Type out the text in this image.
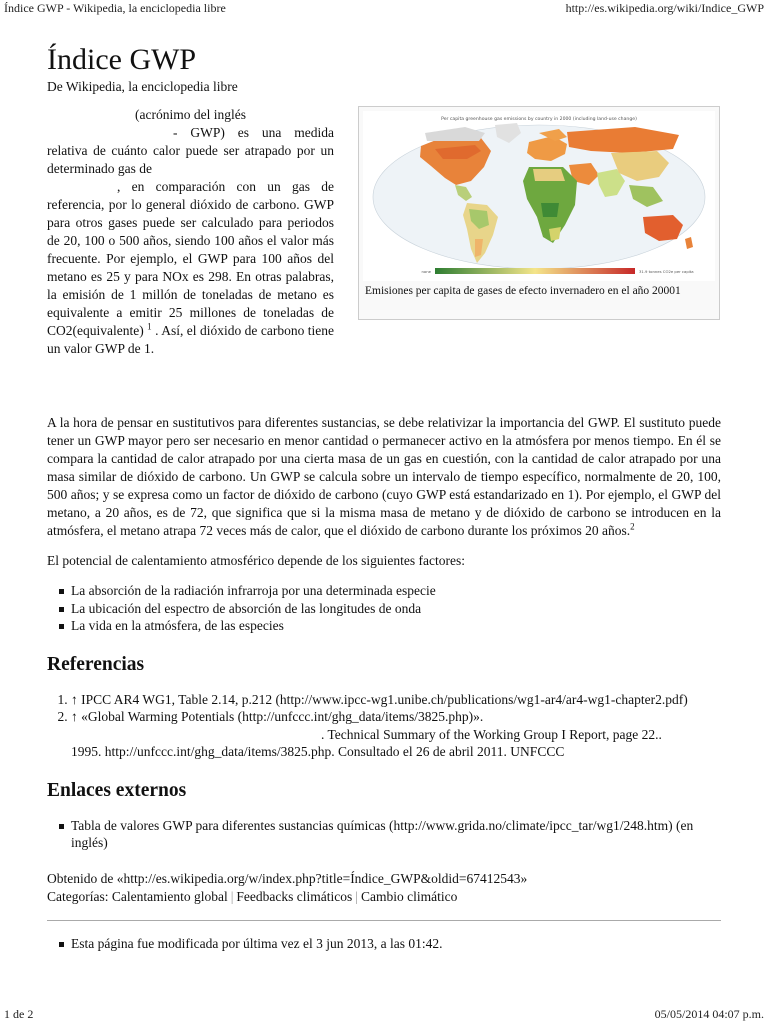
Índice GWP - Wikipedia, la enciclopedia libre	http://es.wikipedia.org/wiki/Indice_GWP
Índice GWP
De Wikipedia, la enciclopedia libre

(acrónimo del inglés
- GWP) es una medida relativa de cuánto calor puede ser atrapado por un determinado gas de
, en comparación con un gas de referencia, por lo general dióxido de carbono. GWP para otros gases puede ser calculado para periodos de 20, 100 o 500 años, siendo 100 años el valor más frecuente. Por ejemplo, el GWP para 100 años del metano es 25 y para NOx es 298. En otras palabras, la emisión de 1 millón de toneladas de metano es equivalente a emitir 25 millones de toneladas de CO2(equivalente) $^1$ . Así, el dióxido de carbono tiene un valor GWP de 1.

Per capita greenhouse gas emissions by country in 2000 (including land-use change)
none	31.9 tonnes CO2e per capita
Emisiones per capita de gases de efecto invernadero en el año 20001

A la hora de pensar en sustitutivos para diferentes sustancias, se debe relativizar la importancia del GWP. El sustituto puede tener un GWP mayor pero ser necesario en menor cantidad o permanecer activo en la atmósfera por menos tiempo. En él se compara la cantidad de calor atrapado por una cierta masa de un gas en cuestión, con la cantidad de calor atrapado por una masa similar de dióxido de carbono. Un GWP se calcula sobre un intervalo de tiempo específico, normalmente de 20, 100, 500 años; y se expresa como un factor de dióxido de carbono (cuyo GWP está estandarizado en 1). Por ejemplo, el GWP del metano, a 20 años, es de 72, que significa que si la misma masa de metano y de dióxido de carbono se introducen en la atmósfera, el metano atrapa 72 veces más de calor, que el dióxido de carbono durante los próximos 20 años.$^2$

El potencial de calentamiento atmosférico depende de los siguientes factores:

La absorción de la radiación infrarroja por una determinada especie
La ubicación del espectro de absorción de las longitudes de onda
La vida en la atmósfera, de las especies
Referencias
1. ↑ IPCC AR4 WG1, Table 2.14, p.212 (http://www.ipcc-wg1.unibe.ch/publications/wg1-ar4/ar4-wg1-chapter2.pdf)
2. ↑ «Global Warming Potentials (http://unfccc.int/ghg_data/items/3825.php)».
. Technical Summary of the Working Group I Report, page 22..
1995. http://unfccc.int/ghg_data/items/3825.php. Consultado el 26 de abril 2011. UNFCCC
Enlaces externos
Tabla de valores GWP para diferentes sustancias químicas (http://www.grida.no/climate/ipcc_tar/wg1/248.htm) (en inglés)

Obtenido de «http://es.wikipedia.org/w/index.php?title=Índice_GWP&oldid=67412543»

Categorías: Calentamiento global | Feedbacks climáticos | Cambio climático

Esta página fue modificada por última vez el 3 jun 2013, a las 01:42.
1 de 2	05/05/2014 04:07 p.m.
